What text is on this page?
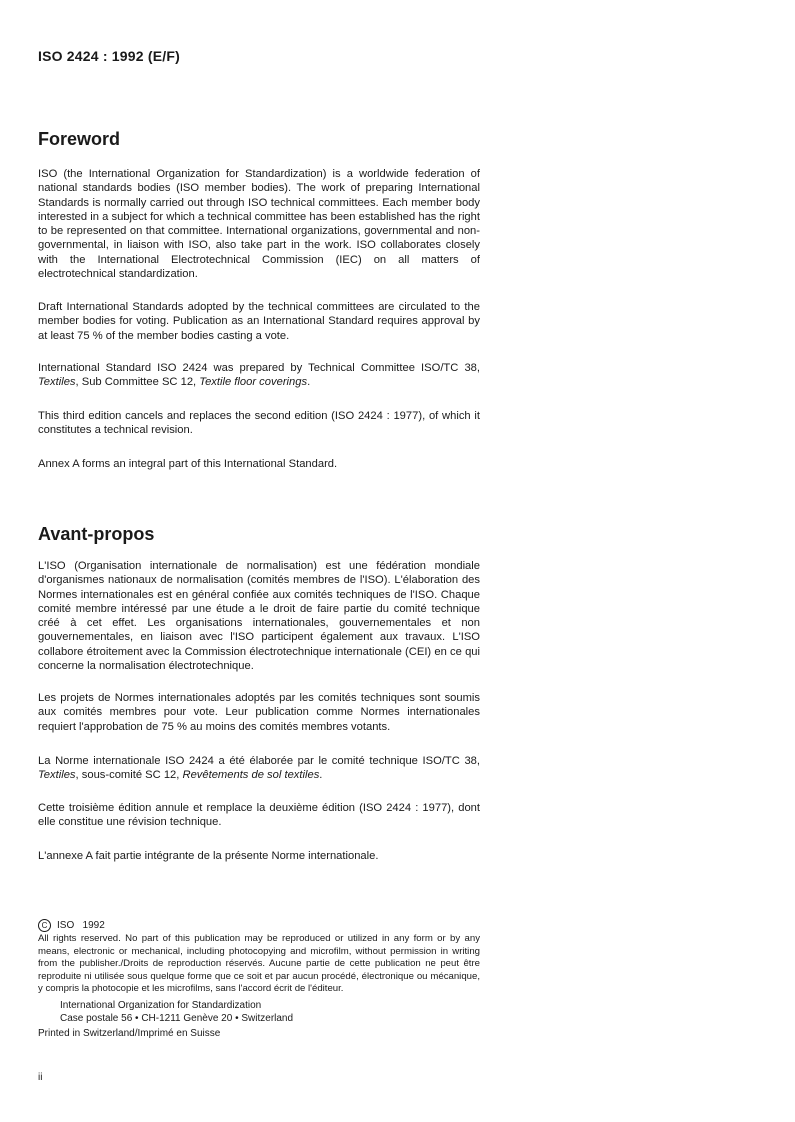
ISO 2424 : 1992 (E/F)
Foreword

ISO (the International Organization for Standardization) is a worldwide federation of national standards bodies (ISO member bodies). The work of preparing International Standards is normally carried out through ISO technical committees. Each member body interested in a subject for which a technical committee has been established has the right to be represented on that committee. International organizations, governmental and non-governmental, in liaison with ISO, also take part in the work. ISO collaborates closely with the International Electrotechnical Commission (IEC) on all matters of electrotechnical standardization.

Draft International Standards adopted by the technical committees are circulated to the member bodies for voting. Publication as an International Standard requires approval by at least 75 % of the member bodies casting a vote.

International Standard ISO 2424 was prepared by Technical Committee ISO/TC 38, Textiles, Sub Committee SC 12, Textile floor coverings.

This third edition cancels and replaces the second edition (ISO 2424 : 1977), of which it constitutes a technical revision.

Annex A forms an integral part of this International Standard.

Avant-propos

L'ISO (Organisation internationale de normalisation) est une fédération mondiale d'organismes nationaux de normalisation (comités membres de l'ISO). L'élaboration des Normes internationales est en général confiée aux comités techniques de l'ISO. Chaque comité membre intéressé par une étude a le droit de faire partie du comité technique créé à cet effet. Les organisations internationales, gouvernementales et non gouvernementales, en liaison avec l'ISO participent également aux travaux. L'ISO collabore étroitement avec la Commission électrotechnique internationale (CEI) en ce qui concerne la normalisation électrotechnique.

Les projets de Normes internationales adoptés par les comités techniques sont soumis aux comités membres pour vote. Leur publication comme Normes internationales requiert l'approbation de 75 % au moins des comités membres votants.

La Norme internationale ISO 2424 a été élaborée par le comité technique ISO/TC 38, Textiles, sous-comité SC 12, Revêtements de sol textiles.

Cette troisième édition annule et remplace la deuxième édition (ISO 2424 : 1977), dont elle constitue une révision technique.

L'annexe A fait partie intégrante de la présente Norme internationale.

C ISO   1992
All rights reserved. No part of this publication may be reproduced or utilized in any form or by any means, electronic or mechanical, including photocopying and microfilm, without permission in writing from the publisher./Droits de reproduction réservés. Aucune partie de cette publication ne peut être reproduite ni utilisée sous quelque forme que ce soit et par aucun procédé, électronique ou mécanique, y compris la photocopie et les microfilms, sans l'accord écrit de l'éditeur.
International Organization for Standardization
Case postale 56 • CH-1211 Genève 20 • Switzerland
Printed in Switzerland/Imprimé en Suisse
ii
